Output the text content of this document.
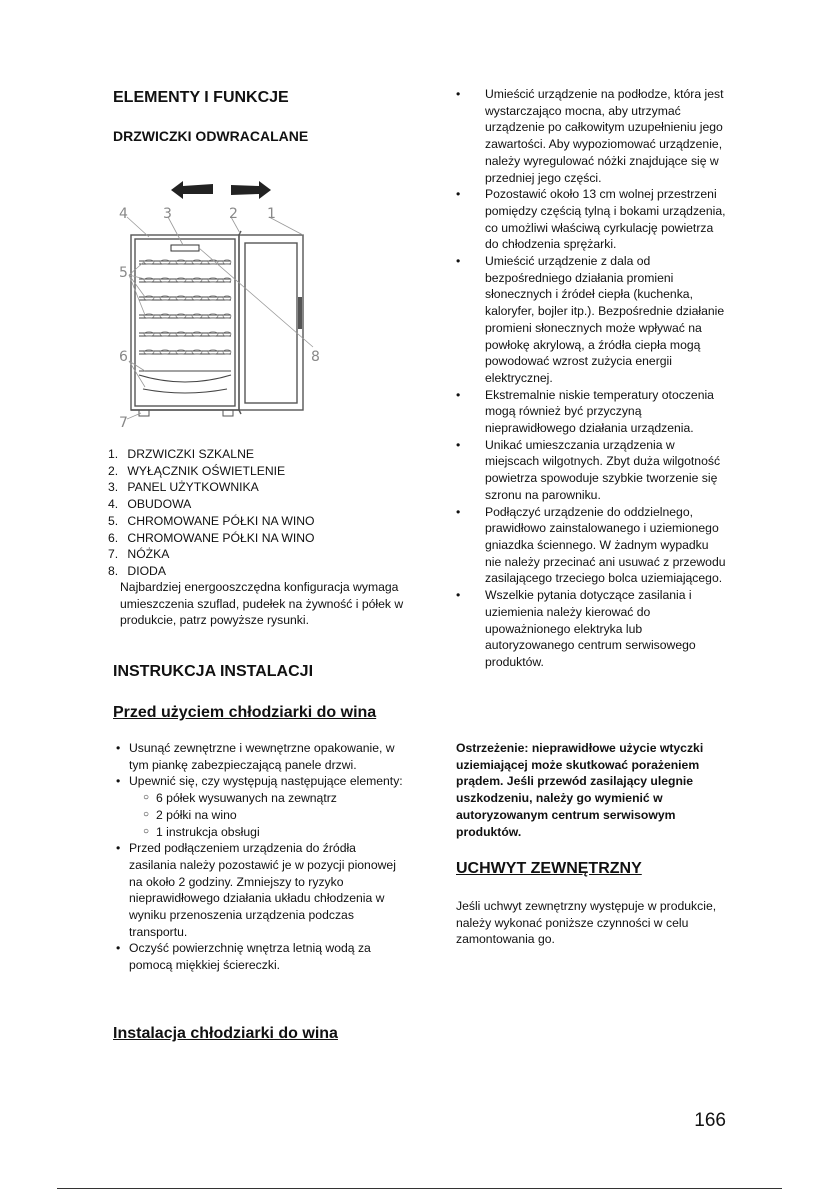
ELEMENTY I FUNKCJE
DRZWICZKI ODWRACALANE
1
2
3
4
5
6
7
8
1.
DRZWICZKI SZKALNE
2.
WYŁĄCZNIK OŚWIETLENIE
3.
PANEL UŻYTKOWNIKA
4.
OBUDOWA
5.
CHROMOWANE PÓŁKI NA WINO
6.
CHROMOWANE PÓŁKI NA WINO
7.
NÓŻKA
8.
DIODA

Najbardziej energooszczędna konfiguracja wymaga umieszczenia szuflad, pudełek na żywność i półek w produkcie, patrz powyższe rysunki.

INSTRUKCJA INSTALACJI
Przed użyciem chłodziarki do wina
• Usunąć zewnętrzne i wewnętrzne opakowanie, w tym piankę zabezpieczającą panele drzwi.
• Upewnić się, czy występują następujące elementy:
○ 6 półek wysuwanych na zewnątrz
○ 2 półki na wino
○ 1 instrukcja obsługi
• Przed podłączeniem urządzenia do źródła zasilania należy pozostawić je w pozycji pionowej na około 2 godziny. Zmniejszy to ryzyko nieprawidłowego działania układu chłodzenia w wyniku przenoszenia urządzenia podczas transportu.
• Oczyść powierzchnię wnętrza letnią wodą za pomocą miękkiej ściereczki.
Instalacja chłodziarki do wina
• Umieścić urządzenie na podłodze, która jest wystarczająco mocna, aby utrzymać urządzenie po całkowitym uzupełnieniu jego zawartości. Aby wypoziomować urządzenie, należy wyregulować nóżki znajdujące się w przedniej jego części.
• Pozostawić około 13 cm wolnej przestrzeni pomiędzy częścią tylną i bokami urządzenia, co umożliwi właściwą cyrkulację powietrza do chłodzenia sprężarki.
• Umieścić urządzenie z dala od bezpośredniego działania promieni słonecznych i źródeł ciepła (kuchenka, kaloryfer, bojler itp.). Bezpośrednie działanie promieni słonecznych może wpływać na powłokę akrylową, a źródła ciepła mogą powodować wzrost zużycia energii elektrycznej.
• Ekstremalnie niskie temperatury otoczenia mogą również być przyczyną nieprawidłowego działania urządzenia.
• Unikać umieszczania urządzenia w miejscach wilgotnych. Zbyt duża wilgotność powietrza spowoduje szybkie tworzenie się szronu na parowniku.
• Podłączyć urządzenie do oddzielnego, prawidłowo zainstalowanego i uziemionego gniazdka ściennego. W żadnym wypadku nie należy przecinać ani usuwać z przewodu zasilającego trzeciego bolca uziemiającego.
• Wszelkie pytania dotyczące zasilania i uziemienia należy kierować do upoważnionego elektryka lub autoryzowanego centrum serwisowego produktów.

Ostrzeżenie: nieprawidłowe użycie wtyczki uziemiającej może skutkować porażeniem prądem. Jeśli przewód zasilający ulegnie uszkodzeniu, należy go wymienić w autoryzowanym centrum serwisowym produktów.

UCHWYT ZEWNĘTRZNY

Jeśli uchwyt zewnętrzny występuje w produkcie, należy wykonać poniższe czynności w celu zamontowania go.

166
